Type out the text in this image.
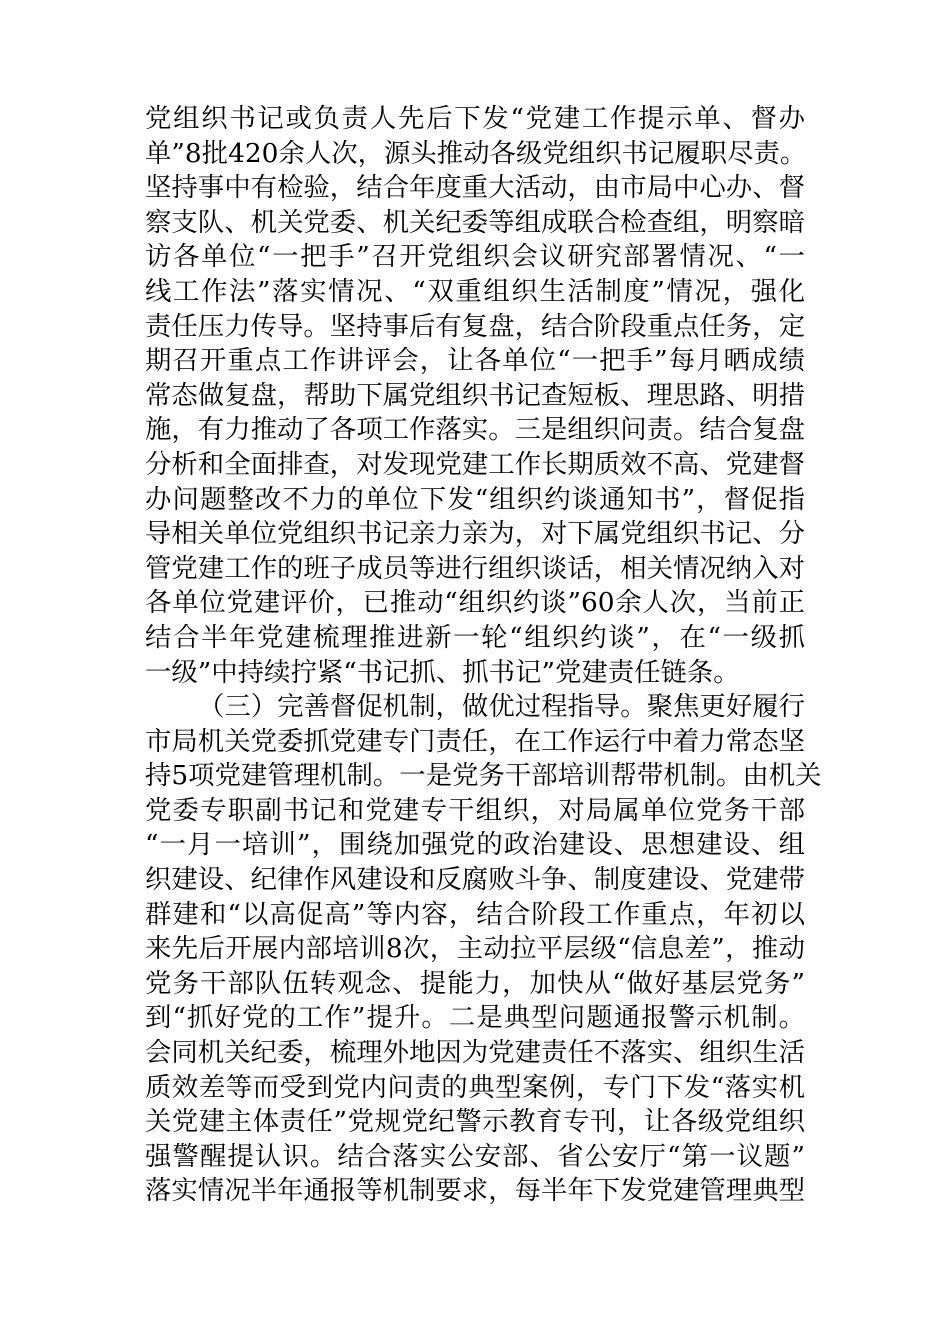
党组织书记或负责人先后下发“党建工作提示单、督办
单”8批420余人次，源头推动各级党组织书记履职尽责。
坚持事中有检验，结合年度重大活动，由市局中心办、督
察支队、机关党委、机关纪委等组成联合检查组，明察暗
访各单位“一把手”召开党组织会议研究部署情况、“一
线工作法”落实情况、“双重组织生活制度”情况，强化
责任压力传导。坚持事后有复盘，结合阶段重点任务，定
期召开重点工作讲评会，让各单位“一把手”每月晒成绩
常态做复盘，帮助下属党组织书记查短板、理思路、明措
施，有力推动了各项工作落实。三是组织问责。结合复盘
分析和全面排查，对发现党建工作长期质效不高、党建督
办问题整改不力的单位下发“组织约谈通知书”，督促指
导相关单位党组织书记亲力亲为，对下属党组织书记、分
管党建工作的班子成员等进行组织谈话，相关情况纳入对
各单位党建评价，已推动“组织约谈”60余人次，当前正
结合半年党建梳理推进新一轮“组织约谈”，在“一级抓
一级”中持续拧紧“书记抓、抓书记”党建责任链条。
（三）完善督促机制，做优过程指导。聚焦更好履行
市局机关党委抓党建专门责任，在工作运行中着力常态坚
持5项党建管理机制。一是党务干部培训帮带机制。由机关
党委专职副书记和党建专干组织，对局属单位党务干部
“一月一培训”，围绕加强党的政治建设、思想建设、组
织建设、纪律作风建设和反腐败斗争、制度建设、党建带
群建和“以高促高”等内容，结合阶段工作重点，年初以
来先后开展内部培训8次，主动拉平层级“信息差”，推动
党务干部队伍转观念、提能力，加快从“做好基层党务”
到“抓好党的工作”提升。二是典型问题通报警示机制。
会同机关纪委，梳理外地因为党建责任不落实、组织生活
质效差等而受到党内问责的典型案例，专门下发“落实机
关党建主体责任”党规党纪警示教育专刊，让各级党组织
强警醒提认识。结合落实公安部、省公安厅“第一议题”
落实情况半年通报等机制要求，每半年下发党建管理典型
